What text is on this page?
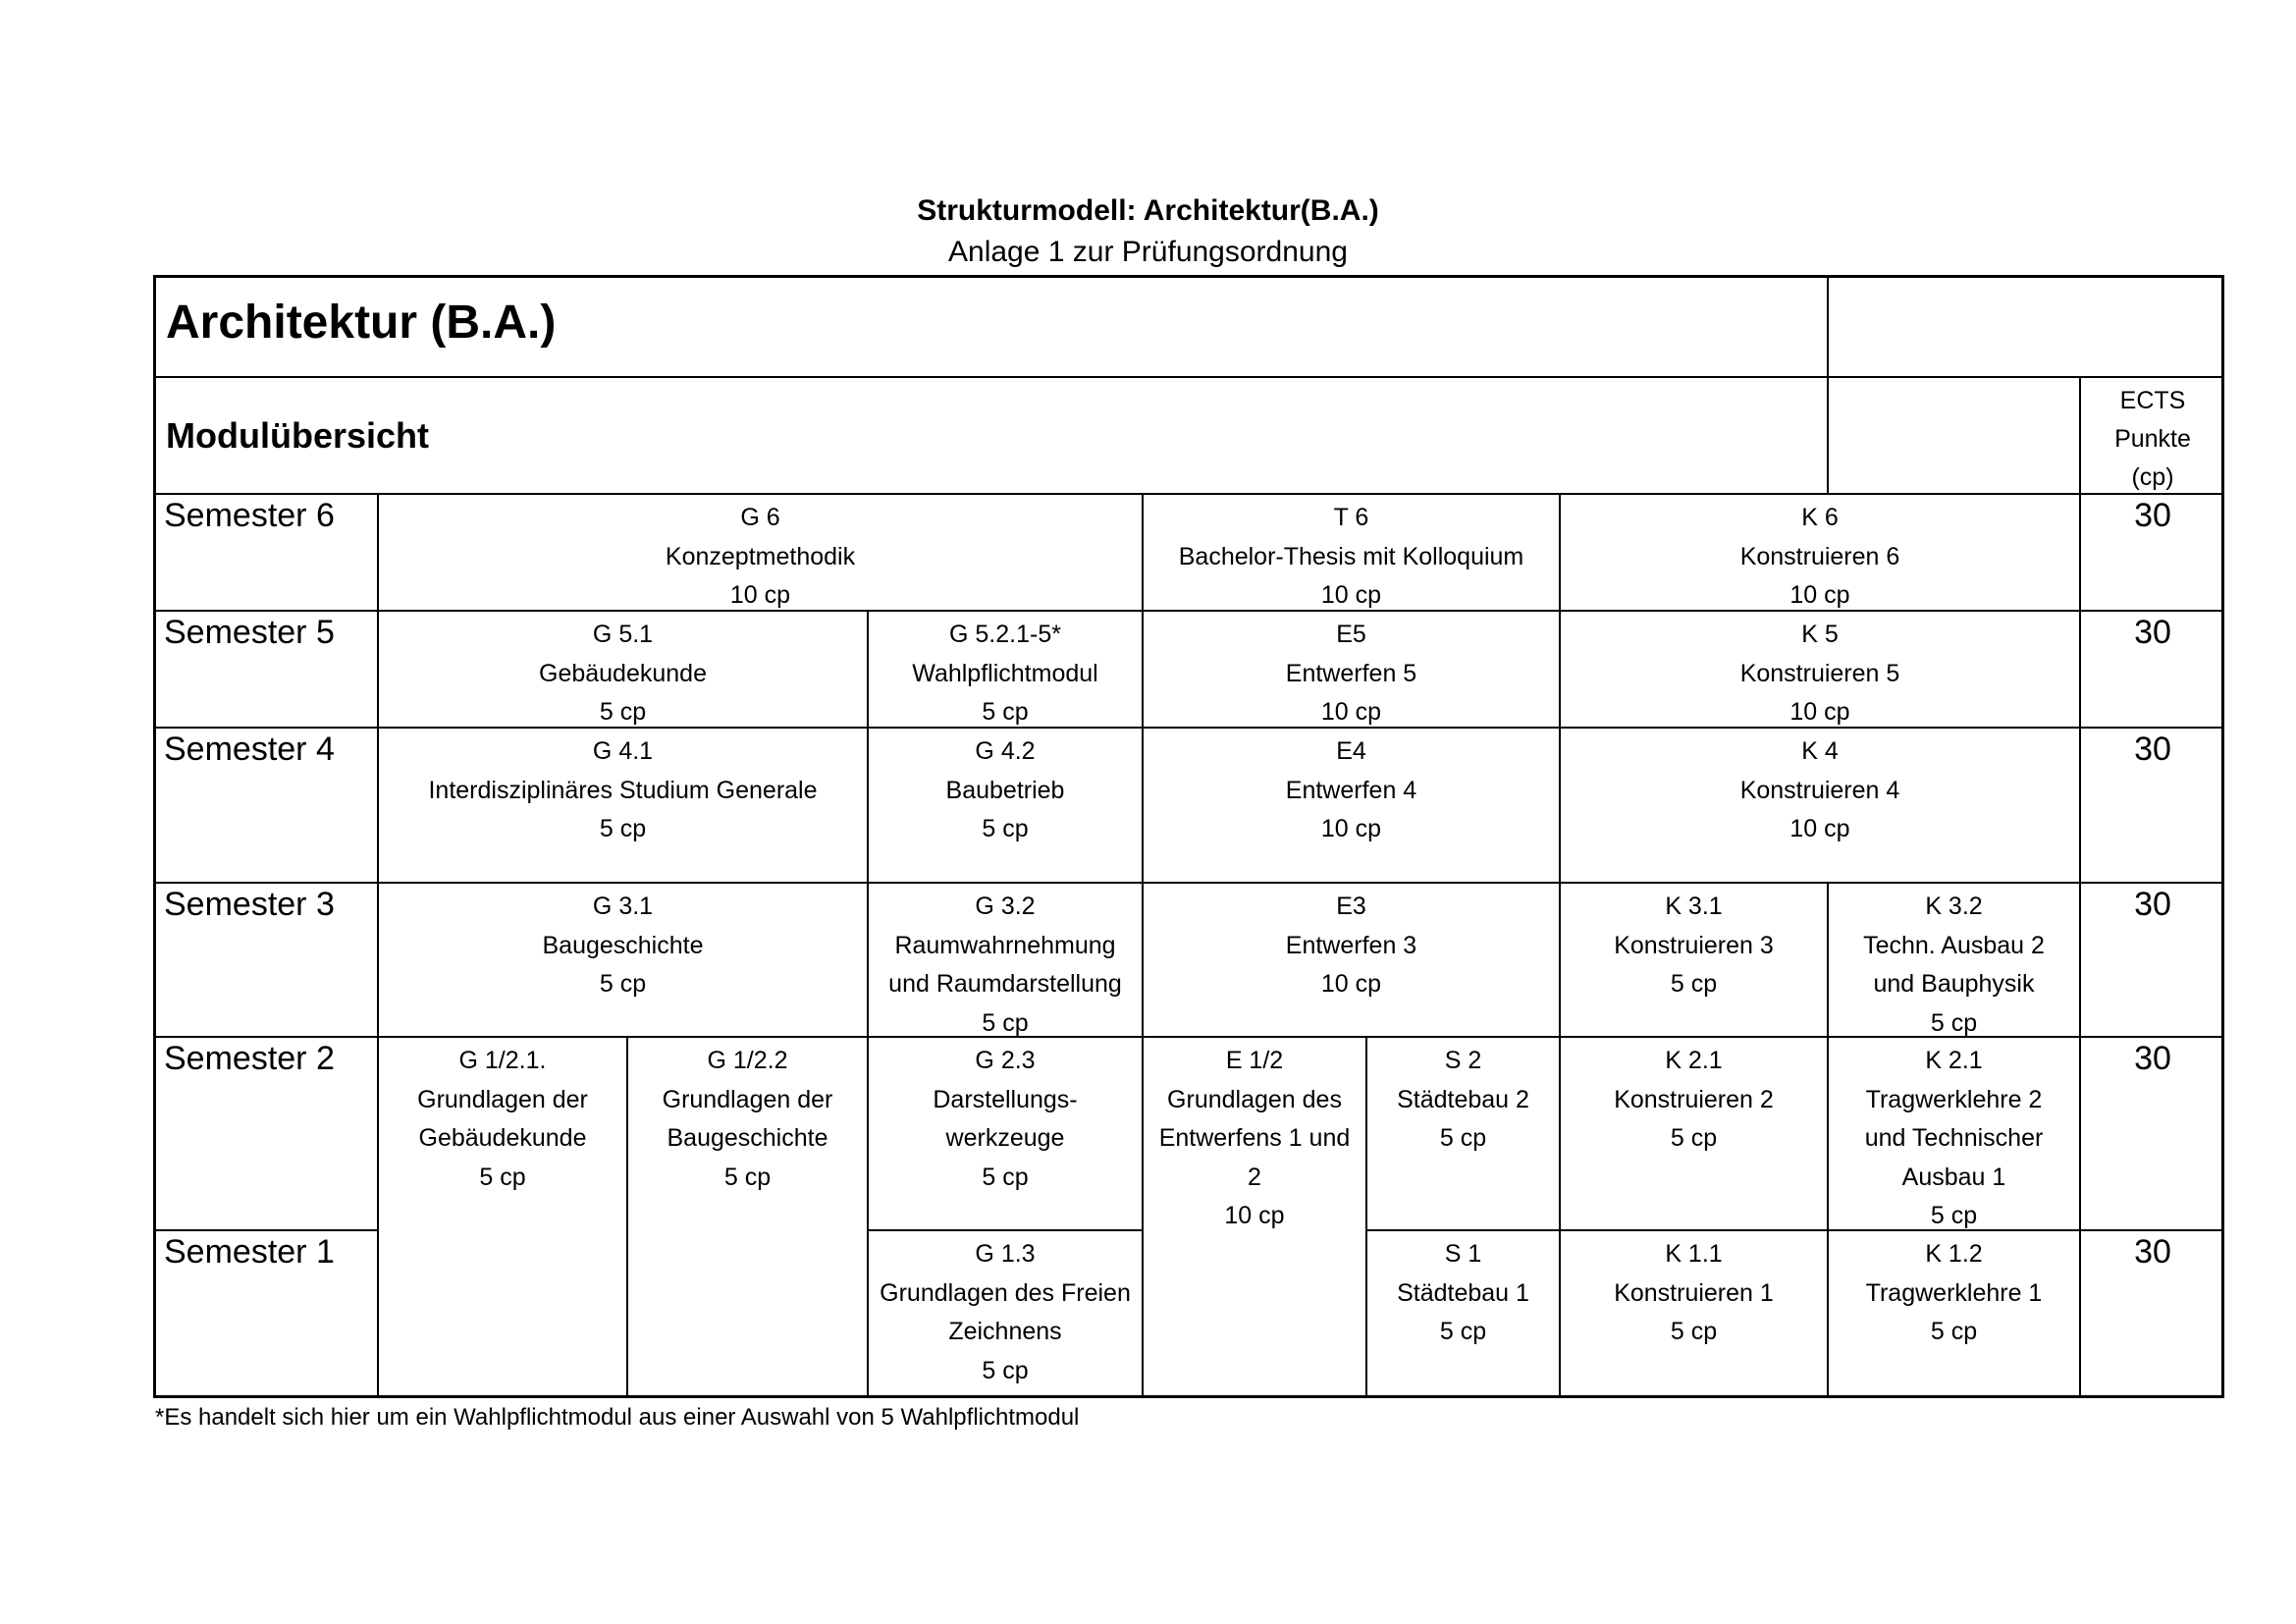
Strukturmodell: Architektur(B.A.)
Anlage 1 zur Prüfungsordnung
Architektur (B.A.)
Modulübersicht
ECTS
Punkte
(cp)
Semester 6
Semester 5
Semester 4
Semester 3
Semester 2
Semester 1
30
30
30
30
30
30
G 6
Konzeptmethodik
10 cp
T 6
Bachelor-Thesis mit Kolloquium
10 cp
K 6
Konstruieren 6
10 cp
G 5.1
Gebäudekunde
5 cp
G 5.2.1-5*
Wahlpflichtmodul
5 cp
E5
Entwerfen 5
10 cp
K 5
Konstruieren 5
10 cp
G 4.1
Interdisziplinäres Studium Generale
5 cp
G 4.2
Baubetrieb
5 cp
E4
Entwerfen 4
10 cp
K 4
Konstruieren 4
10 cp
G 3.1
Baugeschichte
5 cp
G 3.2
Raumwahrnehmung
und Raumdarstellung
5 cp
E3
Entwerfen 3
10 cp
K 3.1
Konstruieren 3
5 cp
K 3.2
Techn. Ausbau 2
und Bauphysik
5 cp
G 1/2.1.
Grundlagen der
Gebäudekunde
5 cp
G 1/2.2
Grundlagen der
Baugeschichte
5 cp
G 2.3
Darstellungs-
werkzeuge
5 cp
E 1/2
Grundlagen des
Entwerfens 1 und
2
10 cp
S 2
Städtebau 2
5 cp
K 2.1
Konstruieren 2
5 cp
K 2.1
Tragwerklehre 2
und Technischer
Ausbau 1
5 cp
G 1.3
Grundlagen des Freien
Zeichnens
5 cp
S 1
Städtebau 1
5 cp
K 1.1
Konstruieren 1
5 cp
K 1.2
Tragwerklehre 1
5 cp
*Es handelt sich hier um ein Wahlpflichtmodul aus einer Auswahl von 5 Wahlpflichtmodul
